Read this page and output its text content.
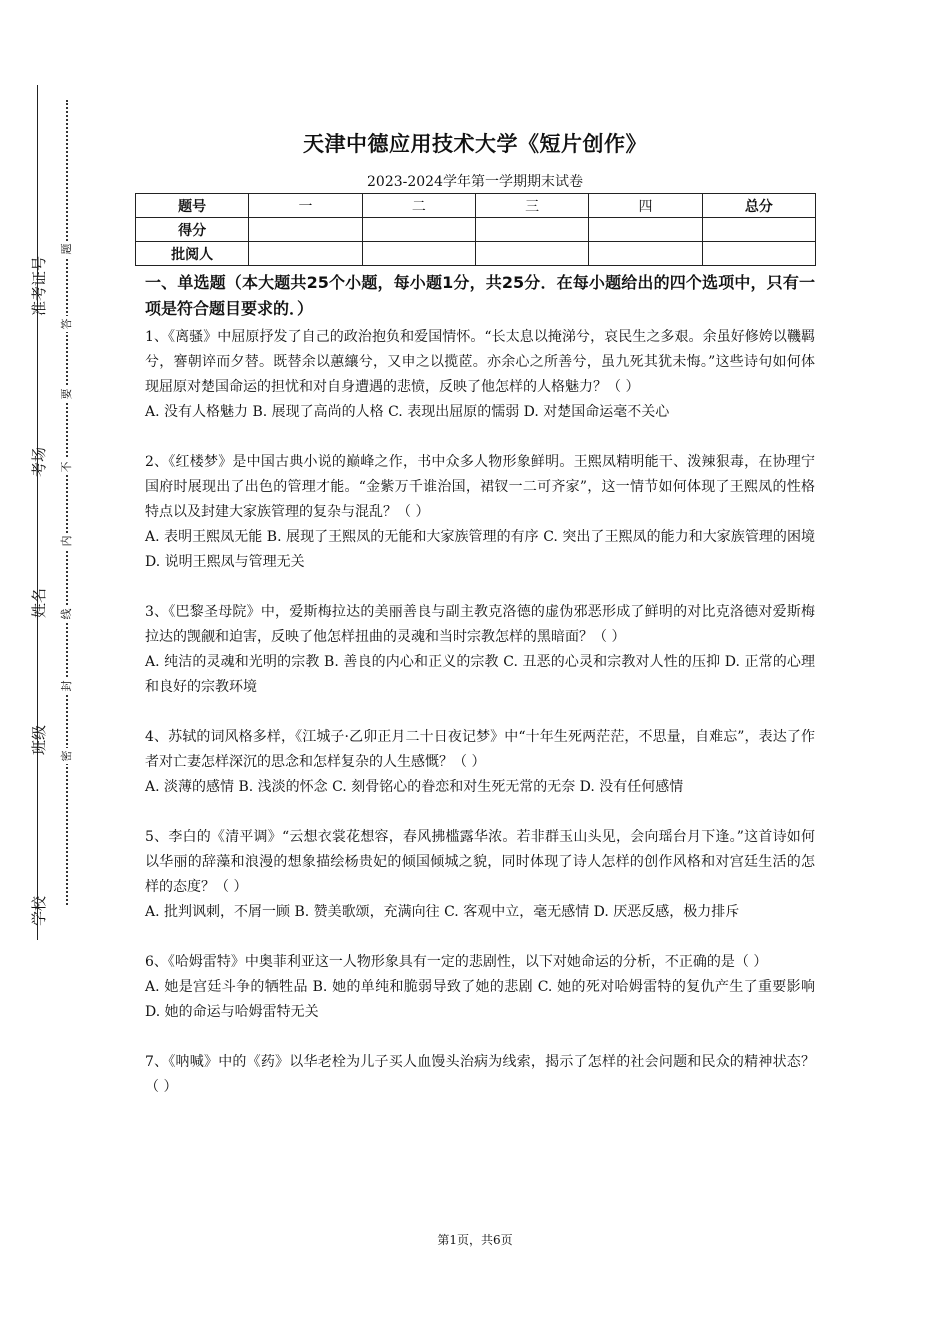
准考证号
考场
姓名
班级
学校
题
答
要
不
内
线
封
密
天津中德应用技术大学《短片创作》
2023-2024学年第一学期期末试卷
题号	一	二	三	四	总分
得分					
批阅人					
一、单选题（本大题共25个小题，每小题1分，共25分．在每小题给出的四个选项中，只有一项是符合题目要求的．）

1、《离骚》中屈原抒发了自己的政治抱负和爱国情怀。“长太息以掩涕兮，哀民生之多艰。余虽好修姱以鞿羁兮，謇朝谇而夕替。既替余以蕙纕兮，又申之以揽茝。亦余心之所善兮，虽九死其犹未悔。”这些诗句如何体现屈原对楚国命运的担忧和对自身遭遇的悲愤，反映了他怎样的人格魅力？（ ）

A. 没有人格魅力 B. 展现了高尚的人格 C. 表现出屈原的懦弱 D. 对楚国命运毫不关心

2、《红楼梦》是中国古典小说的巅峰之作，书中众多人物形象鲜明。王熙凤精明能干、泼辣狠毒，在协理宁国府时展现出了出色的管理才能。“金紫万千谁治国，裙钗一二可齐家”，这一情节如何体现了王熙凤的性格特点以及封建大家族管理的复杂与混乱？（ ）

A. 表明王熙凤无能 B. 展现了王熙凤的无能和大家族管理的有序 C. 突出了王熙凤的能力和大家族管理的困境 D. 说明王熙凤与管理无关

3、《巴黎圣母院》中，爱斯梅拉达的美丽善良与副主教克洛德的虚伪邪恶形成了鲜明的对比克洛德对爱斯梅拉达的觊觎和迫害，反映了他怎样扭曲的灵魂和当时宗教怎样的黑暗面？（ ）

A. 纯洁的灵魂和光明的宗教 B. 善良的内心和正义的宗教 C. 丑恶的心灵和宗教对人性的压抑 D. 正常的心理和良好的宗教环境

4、苏轼的词风格多样，《江城子·乙卯正月二十日夜记梦》中“十年生死两茫茫，不思量，自难忘”，表达了作者对亡妻怎样深沉的思念和怎样复杂的人生感慨？（ ）

A. 淡薄的感情 B. 浅淡的怀念 C. 刻骨铭心的眷恋和对生死无常的无奈 D. 没有任何感情

5、李白的《清平调》“云想衣裳花想容，春风拂槛露华浓。若非群玉山头见，会向瑶台月下逢。”这首诗如何以华丽的辞藻和浪漫的想象描绘杨贵妃的倾国倾城之貌，同时体现了诗人怎样的创作风格和对宫廷生活的怎样的态度？（ ）

A. 批判讽刺，不屑一顾 B. 赞美歌颂，充满向往 C. 客观中立，毫无感情 D. 厌恶反感，极力排斥

6、《哈姆雷特》中奥菲利亚这一人物形象具有一定的悲剧性，以下对她命运的分析，不正确的是（ ）

A. 她是宫廷斗争的牺牲品 B. 她的单纯和脆弱导致了她的悲剧 C. 她的死对哈姆雷特的复仇产生了重要影响 D. 她的命运与哈姆雷特无关

7、《呐喊》中的《药》以华老栓为儿子买人血馒头治病为线索，揭示了怎样的社会问题和民众的精神状态？（ ）

第1页，共6页
